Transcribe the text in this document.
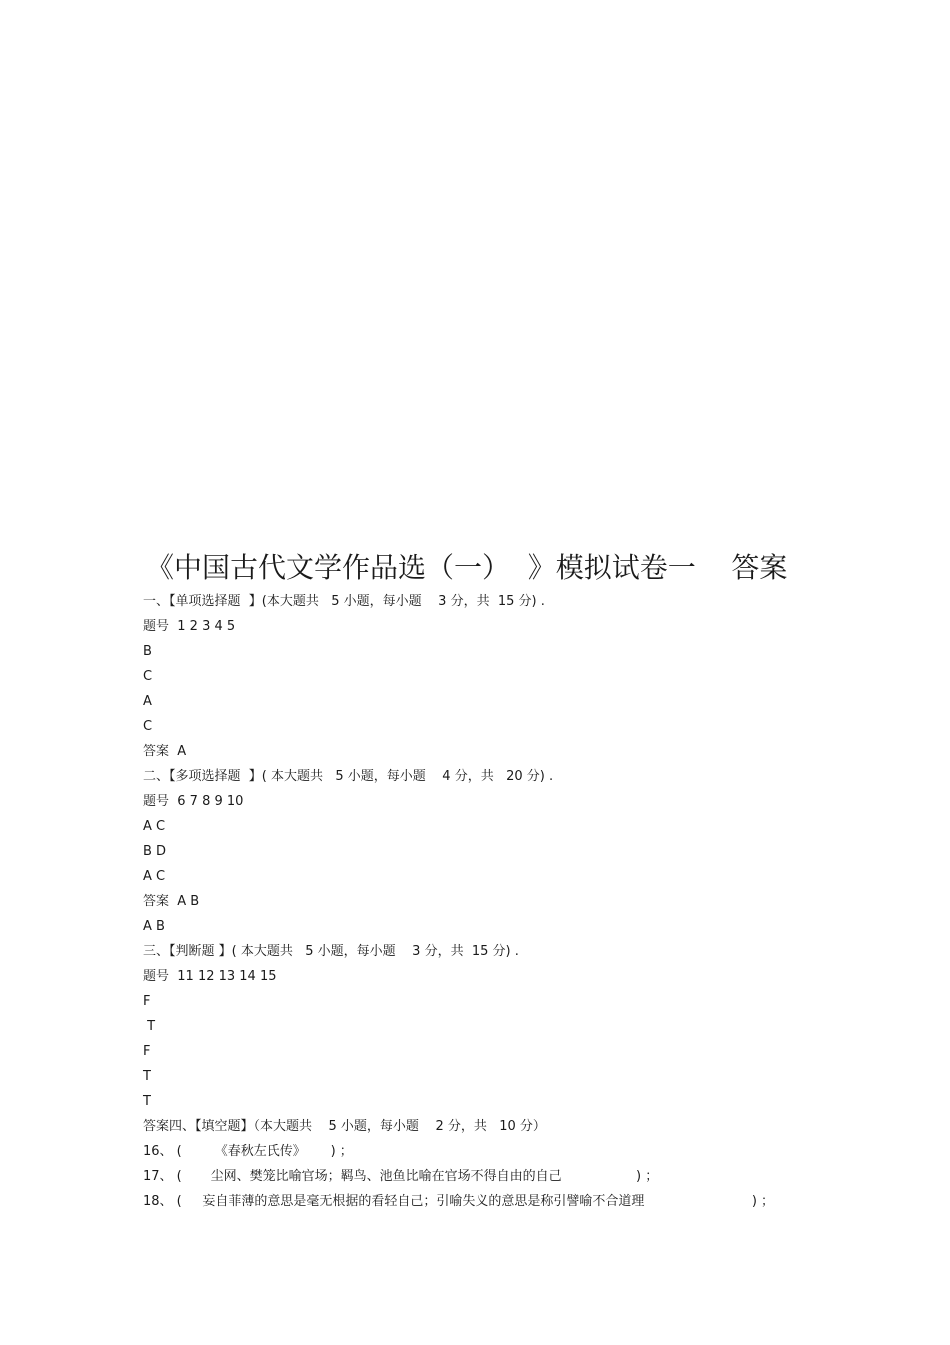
《中国古代文学作品选（一）  》模拟试卷一    答案
一、【单项选择题  】(本大题共   5 小题，每小题    3 分，共  15 分) .
题号  1 2 3 4 5
B
C
A
C
答案  A
二、【多项选择题  】( 本大题共   5 小题，每小题    4 分，共   20 分) .
题号  6 7 8 9 10
A C
B D
A C
答案  A B
A B
三、【判断题 】( 本大题共   5 小题，每小题    3 分，共  15 分) .
题号  11 12 13 14 15
F
T
F
T
T
答案四、【填空题】（本大题共    5 小题，每小题    2 分，共   10 分）
16、 (        《春秋左氏传》      ) ；
17、 (       尘网、樊笼比喻官场；羁鸟、池鱼比喻在官场不得自由的自己                  ) ；
18、 (     妄自菲薄的意思是毫无根据的看轻自己；引喻失义的意思是称引譬喻不合道理                          ) ；
